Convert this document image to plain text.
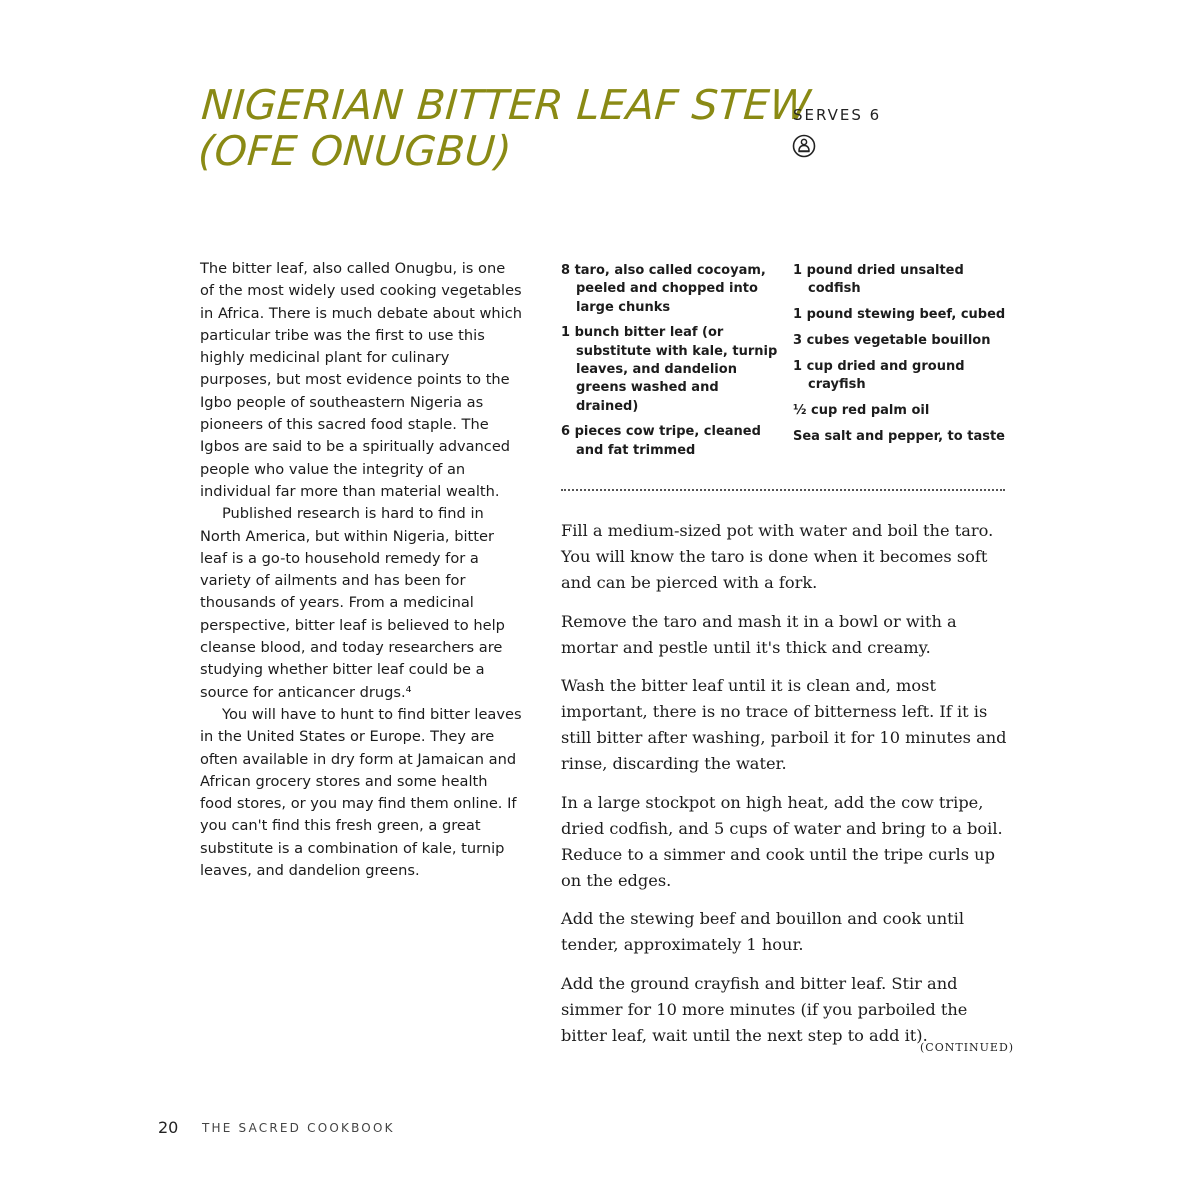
NIGERIAN BITTER LEAF STEW
(OFE ONUGBU)
SERVES 6

The bitter leaf, also called Onugbu, is one of the most widely used cooking vegetables in Africa. There is much debate about which particular tribe was the first to use this highly medicinal plant for culinary purposes, but most evidence points to the Igbo people of southeastern Nigeria as pioneers of this sacred food staple. The Igbos are said to be a spiritually advanced people who value the integrity of an individual far more than material wealth.

Published research is hard to find in North America, but within Nigeria, bitter leaf is a go-to household remedy for a variety of ailments and has been for thousands of years. From a medicinal perspective, bitter leaf is believed to help cleanse blood, and today researchers are studying whether bitter leaf could be a source for anticancer drugs.⁴

You will have to hunt to find bitter leaves in the United States or Europe. They are often available in dry form at Jamaican and African grocery stores and some health food stores, or you may find them online. If you can't find this fresh green, a great substitute is a combination of kale, turnip leaves, and dandelion greens.

8 taro, also called cocoyam, peeled and chopped into large chunks
1 bunch bitter leaf (or substitute with kale, turnip leaves, and dandelion greens washed and drained)
6 pieces cow tripe, cleaned and fat trimmed
1 pound dried unsalted codfish
1 pound stewing beef, cubed
3 cubes vegetable bouillon
1 cup dried and ground crayfish
½ cup red palm oil
Sea salt and pepper, to taste

Fill a medium-sized pot with water and boil the taro. You will know the taro is done when it becomes soft and can be pierced with a fork.

Remove the taro and mash it in a bowl or with a mortar and pestle until it's thick and creamy.

Wash the bitter leaf until it is clean and, most important, there is no trace of bitterness left. If it is still bitter after washing, parboil it for 10 minutes and rinse, discarding the water.

In a large stockpot on high heat, add the cow tripe, dried codfish, and 5 cups of water and bring to a boil. Reduce to a simmer and cook until the tripe curls up on the edges.

Add the stewing beef and bouillon and cook until tender, approximately 1 hour.

Add the ground crayfish and bitter leaf. Stir and simmer for 10 more minutes (if you parboiled the bitter leaf, wait until the next step to add it).

(CONTINUED)
20 THE SACRED COOKBOOK
